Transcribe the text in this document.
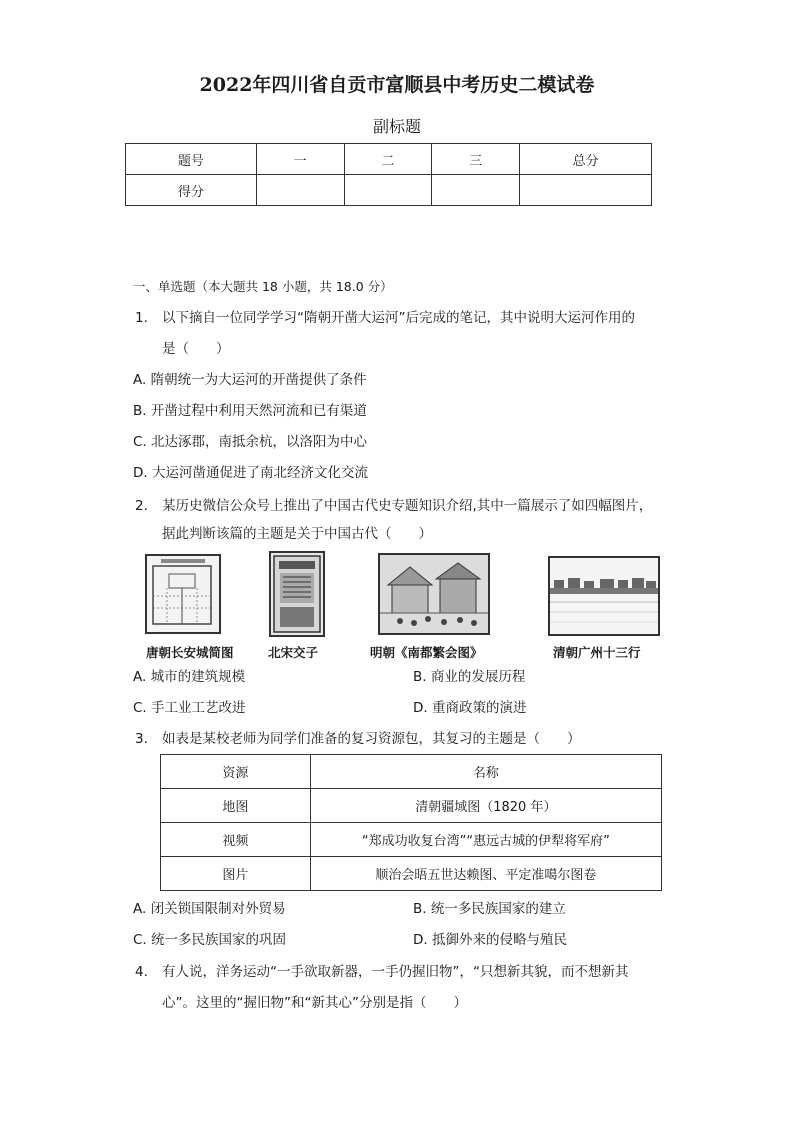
2022年四川省自贡市富顺县中考历史二模试卷
副标题
题号	一	二	三	总分
得分				
一、单选题（本大题共 18 小题，共 18.0 分）
1. 以下摘自一位同学学习“隋朝开凿大运河”后完成的笔记，其中说明大运河作用的
是（　　）
A. 隋朝统一为大运河的开凿提供了条件
B. 开凿过程中利用天然河流和已有渠道
C. 北达涿郡，南抵余杭，以洛阳为中心
D. 大运河凿通促进了南北经济文化交流
2. 某历史微信公众号上推出了中国古代史专题知识介绍,其中一篇展示了如四幅图片，
据此判断该篇的主题是关于中国古代（　　）
唐朝长安城简图	北宋交子	明朝《南都繁会图》	清朝广州十三行
A. 城市的建筑规模	B. 商业的发展历程
C. 手工业工艺改进	D. 重商政策的演进
3. 如表是某校老师为同学们准备的复习资源包，其复习的主题是（　　）
资源	名称
地图	清朝疆域图（1820 年）
视频	“郑成功收复台湾”“惠远古城的伊犁将军府”
图片	顺治会晤五世达赖图、平定准噶尔图卷
A. 闭关锁国限制对外贸易	B. 统一多民族国家的建立
C. 统一多民族国家的巩固	D. 抵御外来的侵略与殖民
4. 有人说，洋务运动“一手欲取新器，一手仍握旧物”，“只想新其貌，而不想新其
心”。这里的“握旧物”和“新其心”分别是指（　　）
